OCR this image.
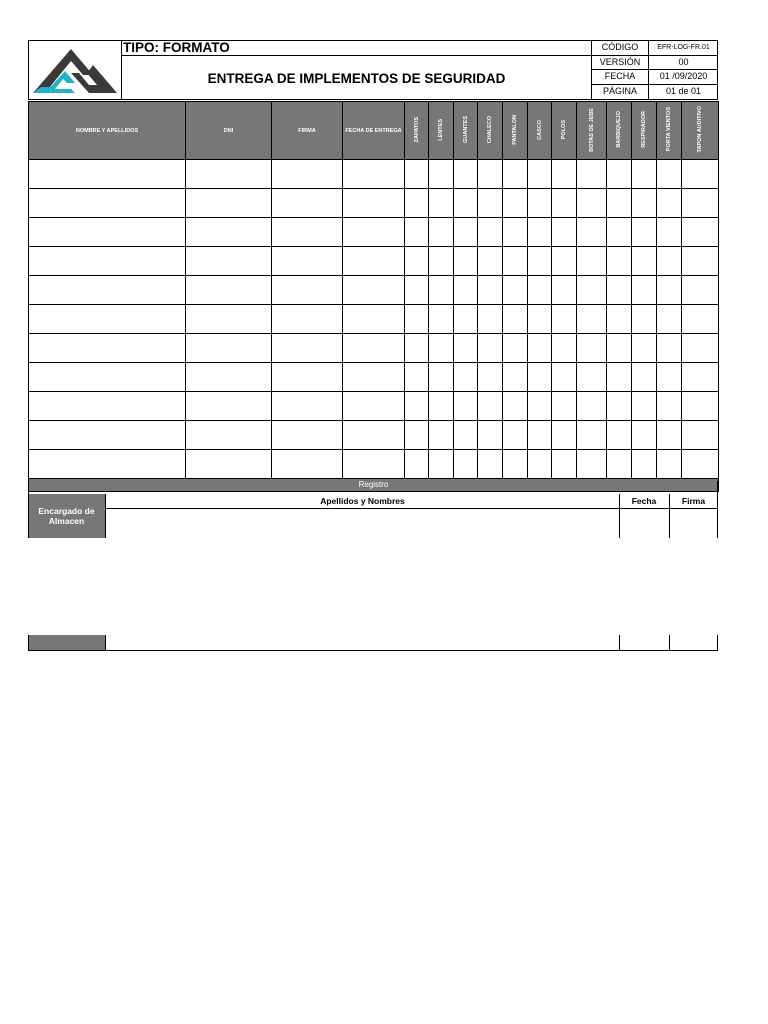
TIPO: FORMATO
ENTREGA DE IMPLEMENTOS DE SEGURIDAD
CÓDIGO	EFR-LOG-FR.01
VERSIÓN	00
FECHA	01 /09/2020
PÁGINA	01 de 01
NOMBRE Y APELLIDOS	DNI	FIRMA	FECHA DE ENTREGA	ZAPATOS	LENTES	GUANTES	CHALECO	PANTALON	CASCO	POLOS	BOTAS DE JEBE	BARBIQUEJO	RESPIRADOR	PORTA VIENTOS	TAPON AUDITIVO

Registro															
Apellidos y Nombres	Fecha	Firma
Encargado de Almacen
